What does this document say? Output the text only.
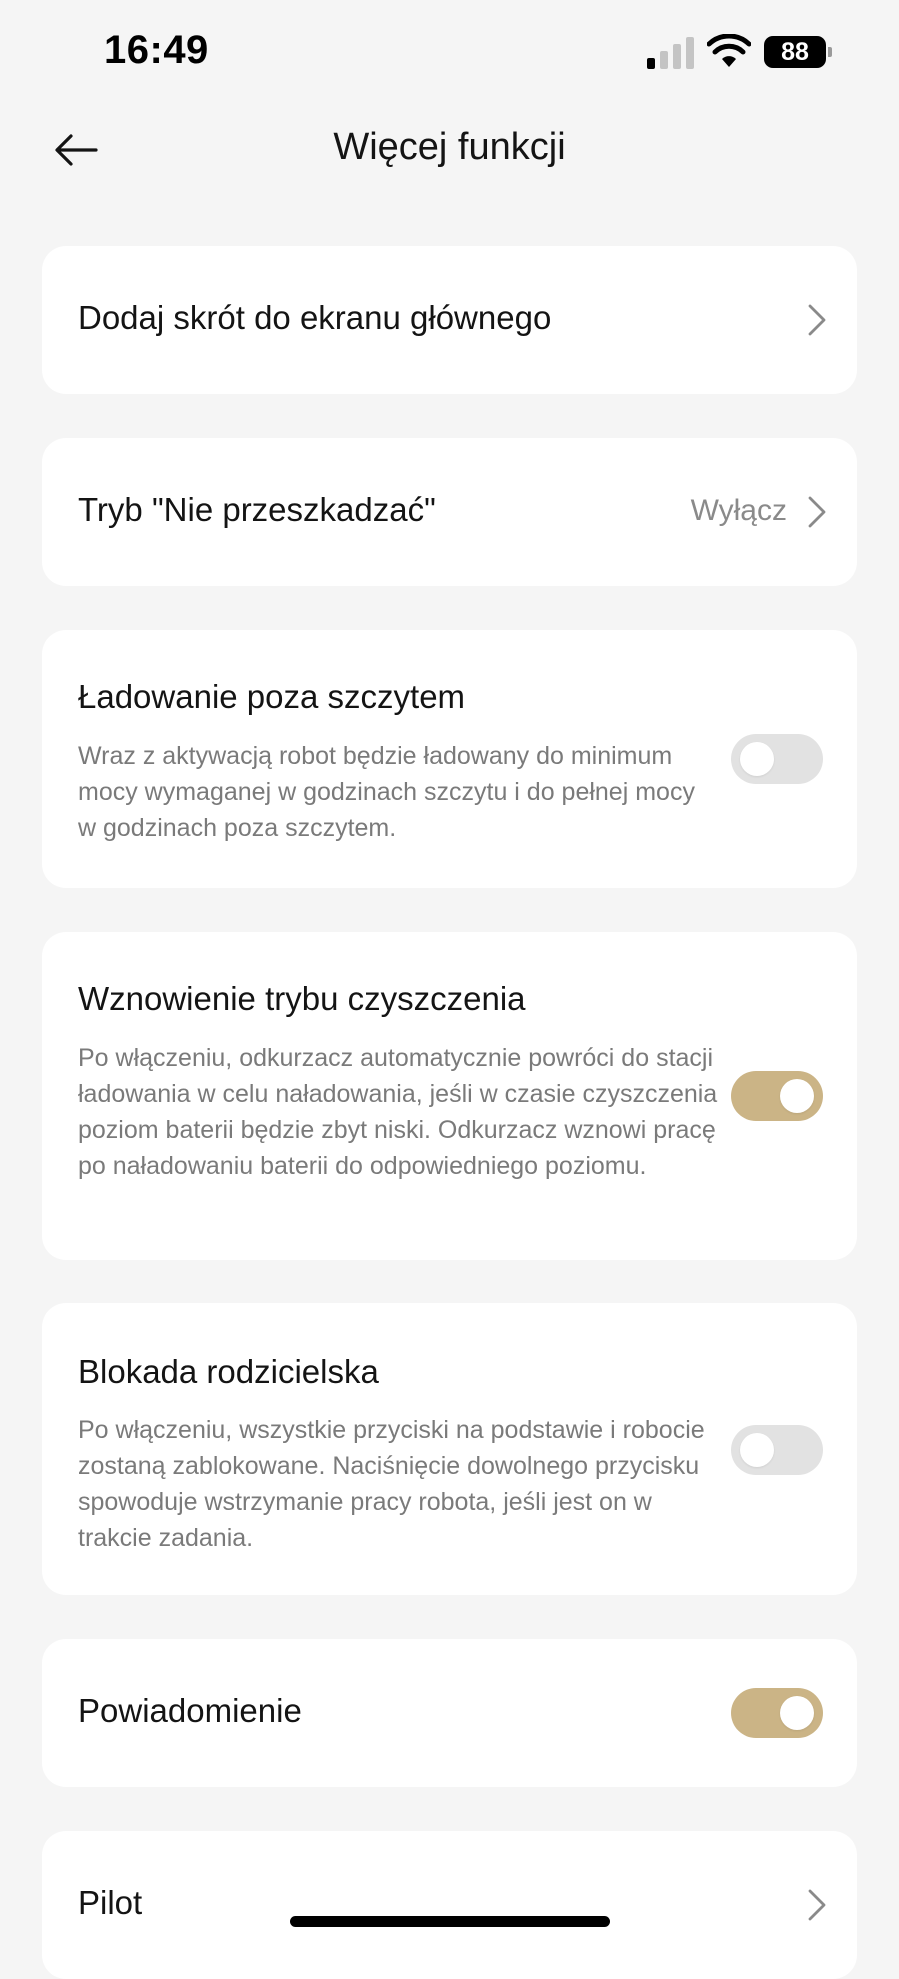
16:49	88
Więcej funkcji
Dodaj skrót do ekranu głównego
Tryb "Nie przeszkadzać"	Wyłącz
Ładowanie poza szczytem
Wraz z aktywacją robot będzie ładowany do minimum mocy wymaganej w godzinach szczytu i do pełnej mocy w godzinach poza szczytem.
Wznowienie trybu czyszczenia
Po włączeniu, odkurzacz automatycznie powróci do stacji ładowania w celu naładowania, jeśli w czasie czyszczenia poziom baterii będzie zbyt niski. Odkurzacz wznowi pracę po naładowaniu baterii do odpowiedniego poziomu.
Blokada rodzicielska
Po włączeniu, wszystkie przyciski na podstawie i robocie zostaną zablokowane. Naciśnięcie dowolnego przycisku spowoduje wstrzymanie pracy robota, jeśli jest on w trakcie zadania.
Powiadomienie
Pilot
